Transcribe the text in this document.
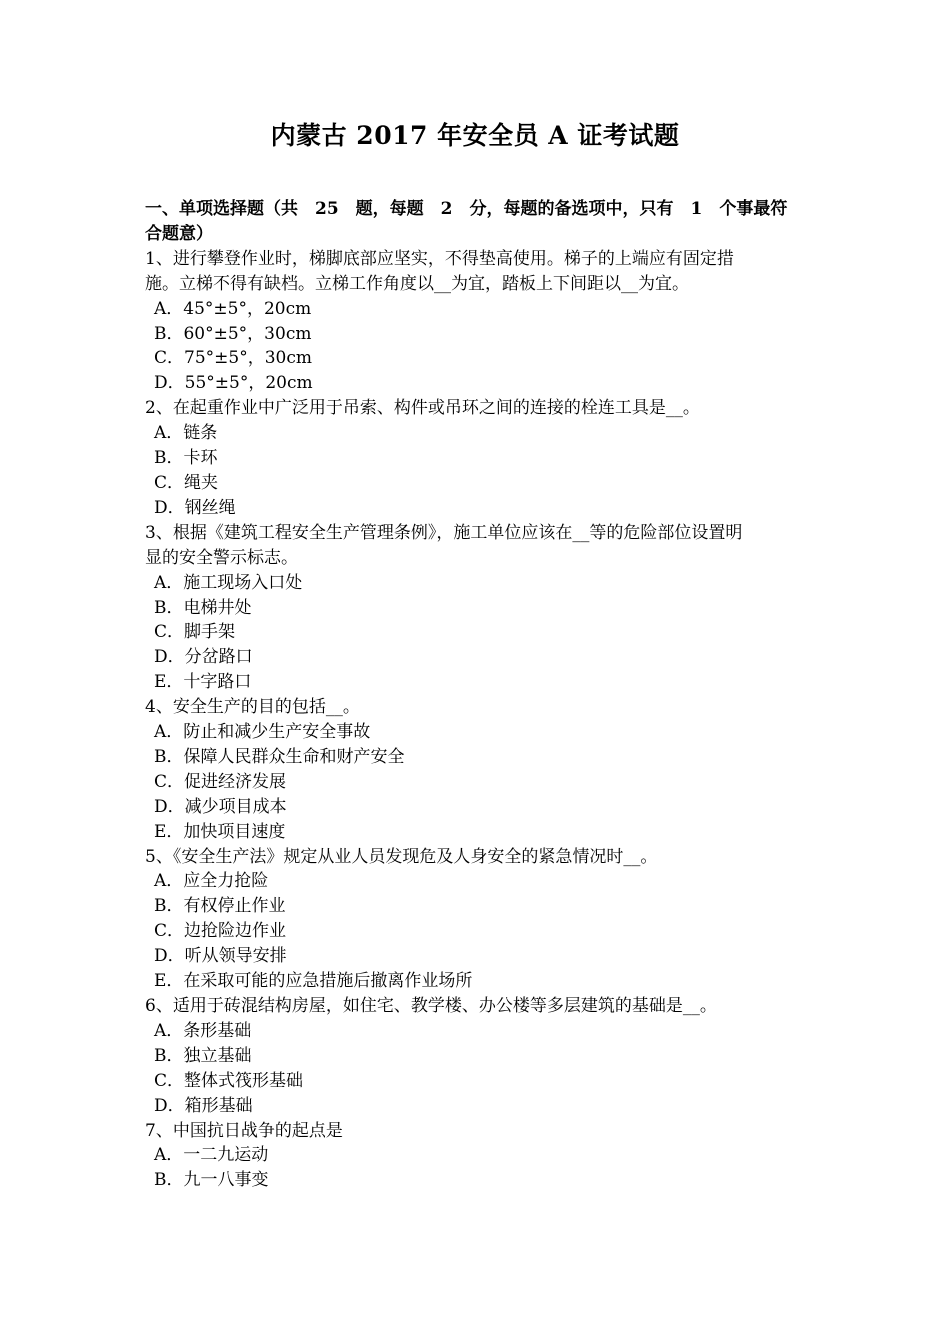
内蒙古 2017 年安全员 A 证考试题
一、单项选择题（共　25　题，每题　2　分，每题的备选项中，只有　1　个事最符
合题意）
1、进行攀登作业时，梯脚底部应坚实，不得垫高使用。梯子的上端应有固定措
施。立梯不得有缺档。立梯工作角度以__为宜，踏板上下间距以__为宜。
A．45°±5°，20cm
B．60°±5°，30cm
C．75°±5°，30cm
D．55°±5°，20cm
2、在起重作业中广泛用于吊索、构件或吊环之间的连接的栓连工具是__。
A．链条
B．卡环
C．绳夹
D．钢丝绳
3、根据《建筑工程安全生产管理条例》，施工单位应该在__等的危险部位设置明
显的安全警示标志。
A．施工现场入口处
B．电梯井处
C．脚手架
D．分岔路口
E．十字路口
4、安全生产的目的包括__。
A．防止和减少生产安全事故
B．保障人民群众生命和财产安全
C．促进经济发展
D．减少项目成本
E．加快项目速度
5、《安全生产法》规定从业人员发现危及人身安全的紧急情况时__。
A．应全力抢险
B．有权停止作业
C．边抢险边作业
D．听从领导安排
E．在采取可能的应急措施后撤离作业场所
6、适用于砖混结构房屋，如住宅、教学楼、办公楼等多层建筑的基础是__。
A．条形基础
B．独立基础
C．整体式筏形基础
D．箱形基础
7、中国抗日战争的起点是
A．一二九运动
B．九一八事变
